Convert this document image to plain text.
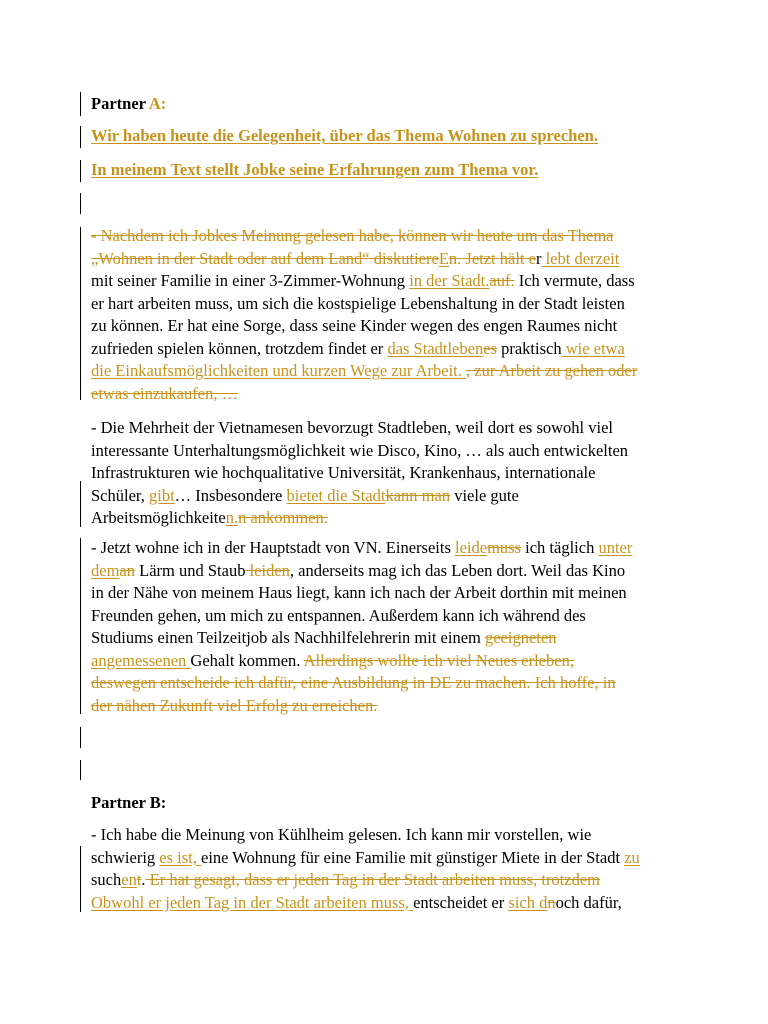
Partner A:
Wir haben heute die Gelegenheit, über das Thema Wohnen zu sprechen.
In meinem Text stellt Jobke seine Erfahrungen zum Thema vor.
- Nachdem ich Jobkes Meinung gelesen habe, können wir heute um das Thema
„Wohnen in der Stadt oder auf dem Land“ diskutiereEn. Jetzt hält er lebt derzeit
mit seiner Familie in einer 3-Zimmer-Wohnung in der Stadt.auf. Ich vermute, dass
er hart arbeiten muss, um sich die kostspielige Lebenshaltung in der Stadt leisten
zu können. Er hat eine Sorge, dass seine Kinder wegen des engen Raumes nicht
zufrieden spielen können, trotzdem findet er das Stadtlebenes praktisch wie etwa
die Einkaufsmöglichkeiten und kurzen Wege zur Arbeit. , zur Arbeit zu gehen oder
etwas einzukaufen, …
- Die Mehrheit der Vietnamesen bevorzugt Stadtleben, weil dort es sowohl viel
interessante Unterhaltungsmöglichkeit wie Disco, Kino, … als auch entwickelten
Infrastrukturen wie hochqualitative Universität, Krankenhaus, internationale
Schüler, gibt… Insbesondere bietet die Stadtkann man viele gute
Arbeitsmöglichkeiten.n ankommen.
- Jetzt wohne ich in der Hauptstadt von VN. Einerseits leidemuss ich täglich unter
deman Lärm und Staub leiden, anderseits mag ich das Leben dort. Weil das Kino
in der Nähe von meinem Haus liegt, kann ich nach der Arbeit dorthin mit meinen
Freunden gehen, um mich zu entspannen. Außerdem kann ich während des
Studiums einen Teilzeitjob als Nachhilfelehrerin mit einem geeigneten
angemessenen Gehalt kommen. Allerdings wollte ich viel Neues erleben,
deswegen entscheide ich dafür, eine Ausbildung in DE zu machen. Ich hoffe, in
der nähen Zukunft viel Erfolg zu erreichen.
Partner B:
- Ich habe die Meinung von Kühlheim gelesen. Ich kann mir vorstellen, wie
schwierig es ist, eine Wohnung für eine Familie mit günstiger Miete in der Stadt zu
suchent. Er hat gesagt, dass er jeden Tag in der Stadt arbeiten muss, trotzdem
Obwohl er jeden Tag in der Stadt arbeiten muss, entscheidet er sich dnoch dafür,
